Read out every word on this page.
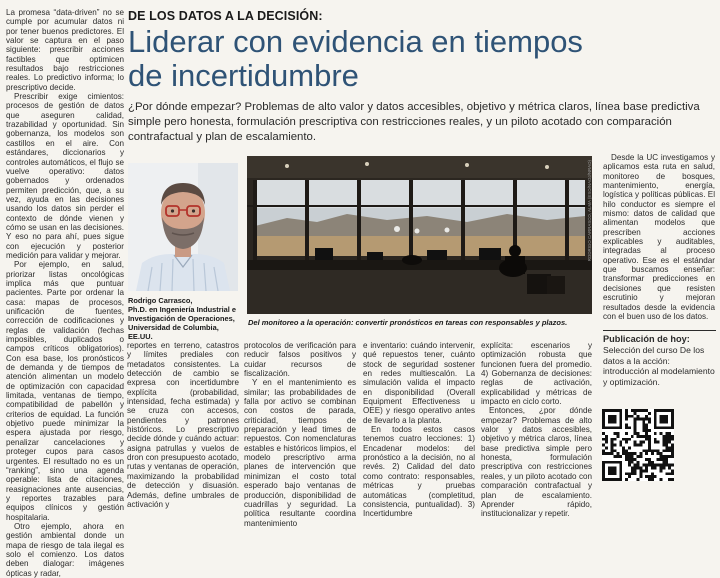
La promesa “data-driven” no se cumple por acumular datos ni por tener buenos predictores. El valor se captura en el paso siguiente: prescribir acciones factibles que optimicen resultados bajo restricciones reales. Lo predictivo informa; lo prescriptivo decide.

Prescribir exige cimientos: procesos de gestión de datos que aseguren calidad, trazabilidad y oportunidad. Sin gobernanza, los modelos son castillos en el aire. Con estándares, diccionarios y controles automáticos, el flujo se vuelve operativo: datos gobernados y ordenados permiten predicción, que, a su vez, ayuda en las decisiones usando los datos sin perder el contexto de dónde vienen y cómo se usan en las decisiones. Y eso no para ahí, pues sigue con ejecución y posterior medición para validar y mejorar.

Por ejemplo, en salud, priorizar listas oncológicas implica más que puntuar pacientes. Parte por ordenar la casa: mapas de procesos, unificación de fuentes, corrección de codificaciones y reglas de validación (fechas imposibles, duplicados o campos críticos obligatorios). Con esa base, los pronósticos de demanda y de tiempos de atención alimentan un modelo de optimización con capacidad limitada, ventanas de tiempo, compatibilidad de pabellón y criterios de equidad. La función objetivo puede minimizar la espera ajustada por riesgo, penalizar cancelaciones y proteger cupos para casos urgentes. El resultado no es un “ranking”, sino una agenda operable: lista de citaciones, reasignaciones ante ausencias, y reportes trazables para equipos clínicos y gestión hospitalaria.

Otro ejemplo, ahora en gestión ambiental donde un mapa de riesgo de tala ilegal es solo el comienzo. Los datos deben dialogar: imágenes ópticas y radar,

DE LOS DATOS A LA DECISIÓN:
Liderar con evidencia en tiempos
de incertidumbre

¿Por dónde empezar? Problemas de alto valor y datos accesibles, objetivo y métrica claros, línea base predictiva simple pero honesta, formulación prescriptiva con restricciones reales, y un piloto acotado con comparación contrafactual y plan de escalamiento.

Rodrigo Carrasco,
Ph.D. en Ingeniería Industrial e
Investigación de Operaciones,
Universidad de Columbia, EE.UU.
RODRIGO CARRASCO, ALMA (ESO/NAOJ/NRAO)
Del monitoreo a la operación: convertir pronósticos en tareas con responsables y plazos.

reportes en terreno, catastros y límites prediales con metadatos consistentes. La detección de cambio se expresa con incertidumbre explícita (probabilidad, intensidad, fecha estimada) y se cruza con accesos, pendientes y patrones históricos. Lo prescriptivo decide dónde y cuándo actuar: asigna patrullas y vuelos de dron con presupuesto acotado, rutas y ventanas de operación, maximizando la probabilidad de detección y disuasión. Además, define umbrales de activación y

protocolos de verificación para reducir falsos positivos y cuidar recursos de fiscalización.

Y en el mantenimiento es similar; las probabilidades de falla por activo se combinan con costos de parada, criticidad, tiempos de preparación y lead times de repuestos. Con nomenclaturas estables e históricos limpios, el modelo prescriptivo arma planes de intervención que minimizan el costo total esperado bajo ventanas de producción, disponibilidad de cuadrillas y seguridad. La política resultante coordina mantenimiento

e inventario: cuándo intervenir, qué repuestos tener, cuánto stock de seguridad sostener en redes multiescalón. La simulación valida el impacto en disponibilidad (Overall Equipment Effectiveness u OEE) y riesgo operativo antes de llevarlo a la planta.

En todos estos casos tenemos cuatro lecciones: 1) Encadenar modelos: del pronóstico a la decisión, no al revés. 2) Calidad del dato como contrato: responsables, métricas y pruebas automáticas (completitud, consistencia, puntualidad). 3) Incertidumbre

explícita: escenarios y optimización robusta que funcionen fuera del promedio. 4) Gobernanza de decisiones: reglas de activación, explicabilidad y métricas de impacto en ciclo corto.

Entonces, ¿por dónde empezar? Problemas de alto valor y datos accesibles, objetivo y métrica claros, línea base predictiva simple pero honesta, formulación prescriptiva con restricciones reales, y un piloto acotado con comparación contrafactual y plan de escalamiento. Aprender rápido, institucionalizar y repetir.

Desde la UC investigamos y aplicamos esta ruta en salud, monitoreo de bosques, mantenimiento, energía, logística y políticas públicas. El hilo conductor es siempre el mismo: datos de calidad que alimentan modelos que prescriben acciones explicables y auditables, integradas al proceso operativo. Ese es el estándar que buscamos enseñar: transformar predicciones en decisiones que resisten escrutinio y mejoran resultados desde la evidencia con el buen uso de los datos.

Publicación de hoy:
Selección del curso De los datos a la acción: introducción al modelamiento y optimización.
